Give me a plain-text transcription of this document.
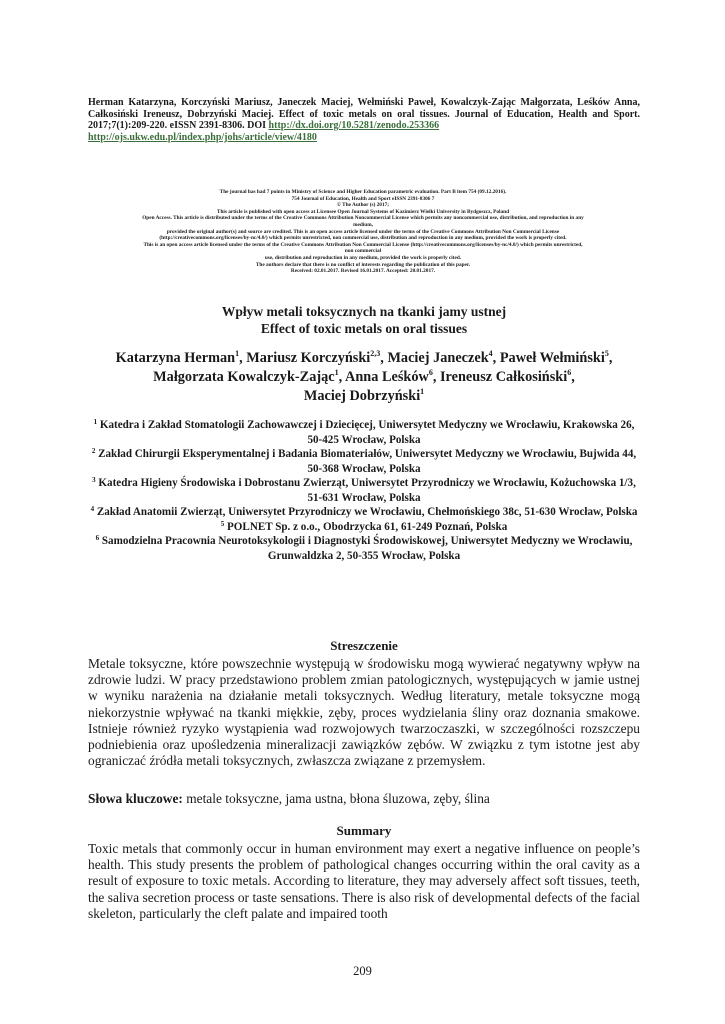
Herman Katarzyna, Korczyński Mariusz, Janeczek Maciej, Wełmiński Paweł, Kowalczyk-Zając Małgorzata, Leśków Anna, Całkosiński Ireneusz, Dobrzyński Maciej. Effect of toxic metals on oral tissues. Journal of Education, Health and Sport. 2017;7(1):209-220. eISSN 2391-8306. DOI http://dx.doi.org/10.5281/zenodo.253366
http://ojs.ukw.edu.pl/index.php/johs/article/view/4180
The journal has had 7 points in Ministry of Science and Higher Education parametric evaluation. Part B item 754 (09.12.2016).
754 Journal of Education, Health and Sport eISSN 2391-8306 7
© The Author (s) 2017;
This article is published with open access at Licensee Open Journal Systems of Kazimierz Wielki University in Bydgoszcz, Poland
Open Access. This article is distributed under the terms of the Creative Commons Attribution Noncommercial License which permits any noncommercial use, distribution, and reproduction in any
medium,
provided the original author(s) and source are credited. This is an open access article licensed under the terms of the Creative Commons Attribution Non Commercial License
(http://creativecommons.org/licenses/by-nc/4.0/) which permits unrestricted, non commercial use, distribution and reproduction in any medium, provided the work is properly cited.
This is an open access article licensed under the terms of the Creative Commons Attribution Non Commercial License (http://creativecommons.org/licenses/by-nc/4.0/) which permits unrestricted,
non commercial
use, distribution and reproduction in any medium, provided the work is properly cited.
The authors declare that there is no conflict of interests regarding the publication of this paper.
Received: 02.01.2017. Revised 16.01.2017. Accepted: 20.01.2017.
Wpływ metali toksycznych na tkanki jamy ustnej
Effect of toxic metals on oral tissues
Katarzyna Herman$^1$, Mariusz Korczyński$^{2,3}$, Maciej Janeczek$^4$, Paweł Wełmiński$^5$,
Małgorzata Kowalczyk-Zając$^1$, Anna Leśków$^6$, Ireneusz Całkosiński$^6$,
Maciej Dobrzyński$^1$
$^1$ Katedra i Zakład Stomatologii Zachowawczej i Dziecięcej, Uniwersytet Medyczny we Wrocławiu, Krakowska 26, 50-425 Wrocław, Polska
$^2$ Zakład Chirurgii Eksperymentalnej i Badania Biomateriałów, Uniwersytet Medyczny we Wrocławiu, Bujwida 44, 50-368 Wrocław, Polska
$^3$ Katedra Higieny Środowiska i Dobrostanu Zwierząt, Uniwersytet Przyrodniczy we Wrocławiu, Kożuchowska 1/3, 51-631 Wrocław, Polska
$^4$ Zakład Anatomii Zwierząt, Uniwersytet Przyrodniczy we Wrocławiu, Chełmońskiego 38c, 51-630 Wrocław, Polska
$^5$ POLNET Sp. z o.o., Obodrzycka 61, 61-249 Poznań, Polska
$^6$ Samodzielna Pracownia Neurotoksykologii i Diagnostyki Środowiskowej, Uniwersytet Medyczny we Wrocławiu, Grunwaldzka 2, 50-355 Wrocław, Polska
Streszczenie
Metale toksyczne, które powszechnie występują w środowisku mogą wywierać negatywny wpływ na zdrowie ludzi. W pracy przedstawiono problem zmian patologicznych, występujących w jamie ustnej w wyniku narażenia na działanie metali toksycznych. Według literatury, metale toksyczne mogą niekorzystnie wpływać na tkanki miękkie, zęby, proces wydzielania śliny oraz doznania smakowe. Istnieje również ryzyko wystąpienia wad rozwojowych twarzoczaszki, w szczególności rozszczepu podniebienia oraz upośledzenia mineralizacji zawiązków zębów. W związku z tym istotne jest aby ograniczać źródła metali toksycznych, zwłaszcza związane z przemysłem.
Słowa kluczowe: metale toksyczne, jama ustna, błona śluzowa, zęby, ślina
Summary
Toxic metals that commonly occur in human environment may exert a negative influence on people’s health. This study presents the problem of pathological changes occurring within the oral cavity as a result of exposure to toxic metals. According to literature, they may adversely affect soft tissues, teeth, the saliva secretion process or taste sensations. There is also risk of developmental defects of the facial skeleton, particularly the cleft palate and impaired tooth
209
